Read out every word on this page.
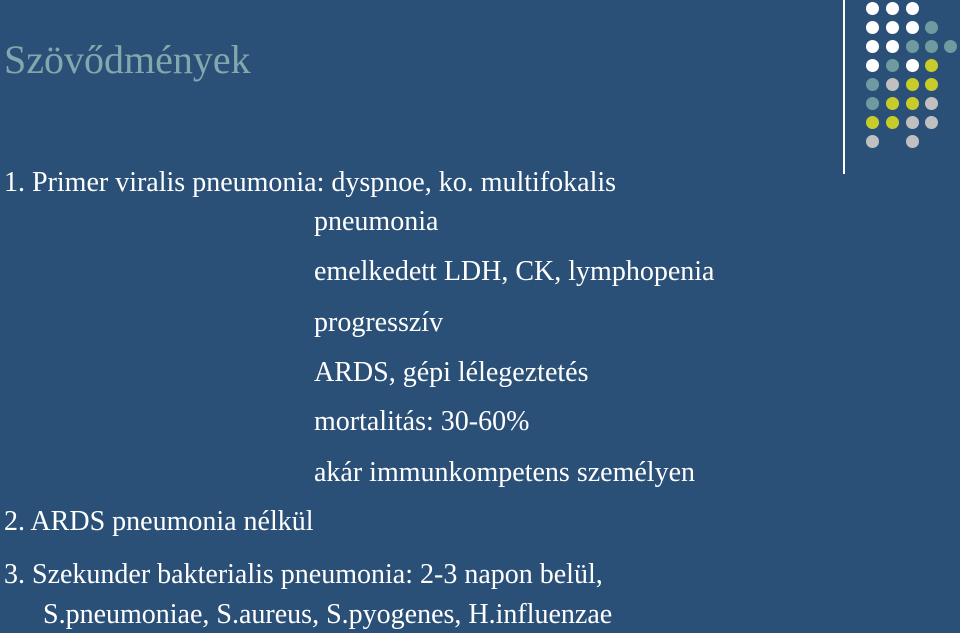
Szövődmények
1. Primer viralis pneumonia: dyspnoe, ko. multifokalis
pneumonia
emelkedett LDH, CK, lymphopenia
progresszív
ARDS, gépi lélegeztetés
mortalitás: 30-60%
akár immunkompetens személyen
2. ARDS pneumonia nélkül
3. Szekunder bakterialis pneumonia: 2-3 napon belül,
S.pneumoniae, S.aureus, S.pyogenes, H.influenzae
